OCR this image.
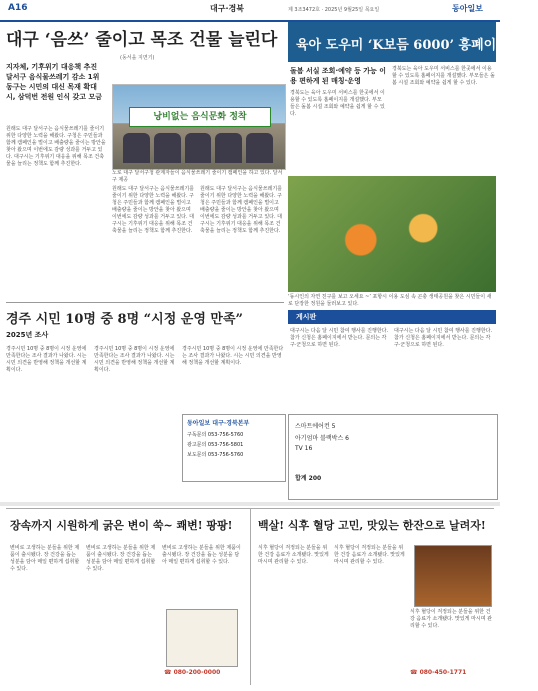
A16	대구·경북	제 3조3472호 · 2025년 9월25일 목요일	동아일보
대구 ‘음쓰’ 줄이고 목조 건물 늘린다
(동서을 지면기)
지자체, 기후위기 대응책 추진
달서구 음식물쓰레기 감소 1위
동구는 시민의 대신 목재 확대
시, 삼덕번 전원 인식 갖고 모금
낭비없는 음식문화 정착
노로 대구 달서구청 관계자들이 음식물쓰레기 줄이기 캠페인을 하고 있다. 달서구 제공
원래도 대구 달서구는 음식물쓰레기를 줄이기 위한 다양한 노력을 해왔다. 구청은 주민들과 함께 캠페인을 벌이고 배출량을 줄이는 방안을 찾아 왔으며 이번에도 감량 성과를 거두고 있다. 대구시는 기후위기 대응을 위해 목조 건축물을 늘리는 정책도 함께 추진한다.
원래도 대구 달서구는 음식물쓰레기를 줄이기 위한 다양한 노력을 해왔다. 구청은 주민들과 함께 캠페인을 벌이고 배출량을 줄이는 방안을 찾아 왔으며 이번에도 감량 성과를 거두고 있다. 대구시는 기후위기 대응을 위해 목조 건축물을 늘리는 정책도 함께 추진한다.
원래도 대구 달서구는 음식물쓰레기를 줄이기 위한 다양한 노력을 해왔다. 구청은 주민들과 함께 캠페인을 벌이고 배출량을 줄이는 방안을 찾아 왔으며 이번에도 감량 성과를 거두고 있다. 대구시는 기후위기 대응을 위해 목조 건축물을 늘리는 정책도 함께 추진한다.
육아 도우미 ‘K보듬 6000’ 흥폐이지 개설
돌봄 서실 조회·예약 등 가능 이용 편하게 된 매칭·운영
경북도는 육아 도우미 서비스를 한곳에서 이용할 수 있도록 홈페이지를 개설했다. 부모들은 돌봄 시설 조회와 예약을 쉽게 할 수 있다.
경북도는 육아 도우미 서비스를 한곳에서 이용할 수 있도록 홈페이지를 개설했다. 부모들은 돌봄 시설 조회와 예약을 쉽게 할 수 있다.
‘동시인의 자연 친구를 보고 오세요 ~’ 포항시 이용 도심 속 곤충 생태공원을 찾은 시민들이 새로 단장한 정원을 둘러보고 있다.
게시판
대구시는 다음 달 시민 참여 행사를 진행한다. 참가 신청은 홈페이지에서 받는다. 문의는 각 구·군청으로 하면 된다.
대구시는 다음 달 시민 참여 행사를 진행한다. 참가 신청은 홈페이지에서 받는다. 문의는 각 구·군청으로 하면 된다.
경주 시민 10명 중 8명 “시정 운영 만족”
2025년 조사
경주시민 10명 중 8명이 시정 운영에 만족한다는 조사 결과가 나왔다. 시는 시민 의견을 반영해 정책을 개선할 계획이다.
경주시민 10명 중 8명이 시정 운영에 만족한다는 조사 결과가 나왔다. 시는 시민 의견을 반영해 정책을 개선할 계획이다.
경주시민 10명 중 8명이 시정 운영에 만족한다는 조사 결과가 나왔다. 시는 시민 의견을 반영해 정책을 개선할 계획이다.
동아일보 대구·경북본부
구독문의 053-756-5760
광고문의 053-756-5801
보도문의 053-756-5760
스마트에어컨 5
아기엄마 블랙박스 6
TV 16
합계 200
장속까지 시원하게 굵은 변이 쑥~ 쾌변! 팡팡!
변비로 고생하는 분들을 위한 제품이 출시됐다. 장 건강을 돕는 성분을 담아 매일 편하게 섭취할 수 있다.
변비로 고생하는 분들을 위한 제품이 출시됐다. 장 건강을 돕는 성분을 담아 매일 편하게 섭취할 수 있다.
변비로 고생하는 분들을 위한 제품이 출시됐다. 장 건강을 돕는 성분을 담아 매일 편하게 섭취할 수 있다.
☎ 080-200-0000
백살! 식후 혈당 고민, 맛있는 한잔으로 날려자!
식후 혈당이 걱정되는 분들을 위한 건강 음료가 소개됐다. 맛있게 마시며 관리할 수 있다.
식후 혈당이 걱정되는 분들을 위한 건강 음료가 소개됐다. 맛있게 마시며 관리할 수 있다.
식후 혈당이 걱정되는 분들을 위한 건강 음료가 소개됐다. 맛있게 마시며 관리할 수 있다.
☎ 080-450-1771
